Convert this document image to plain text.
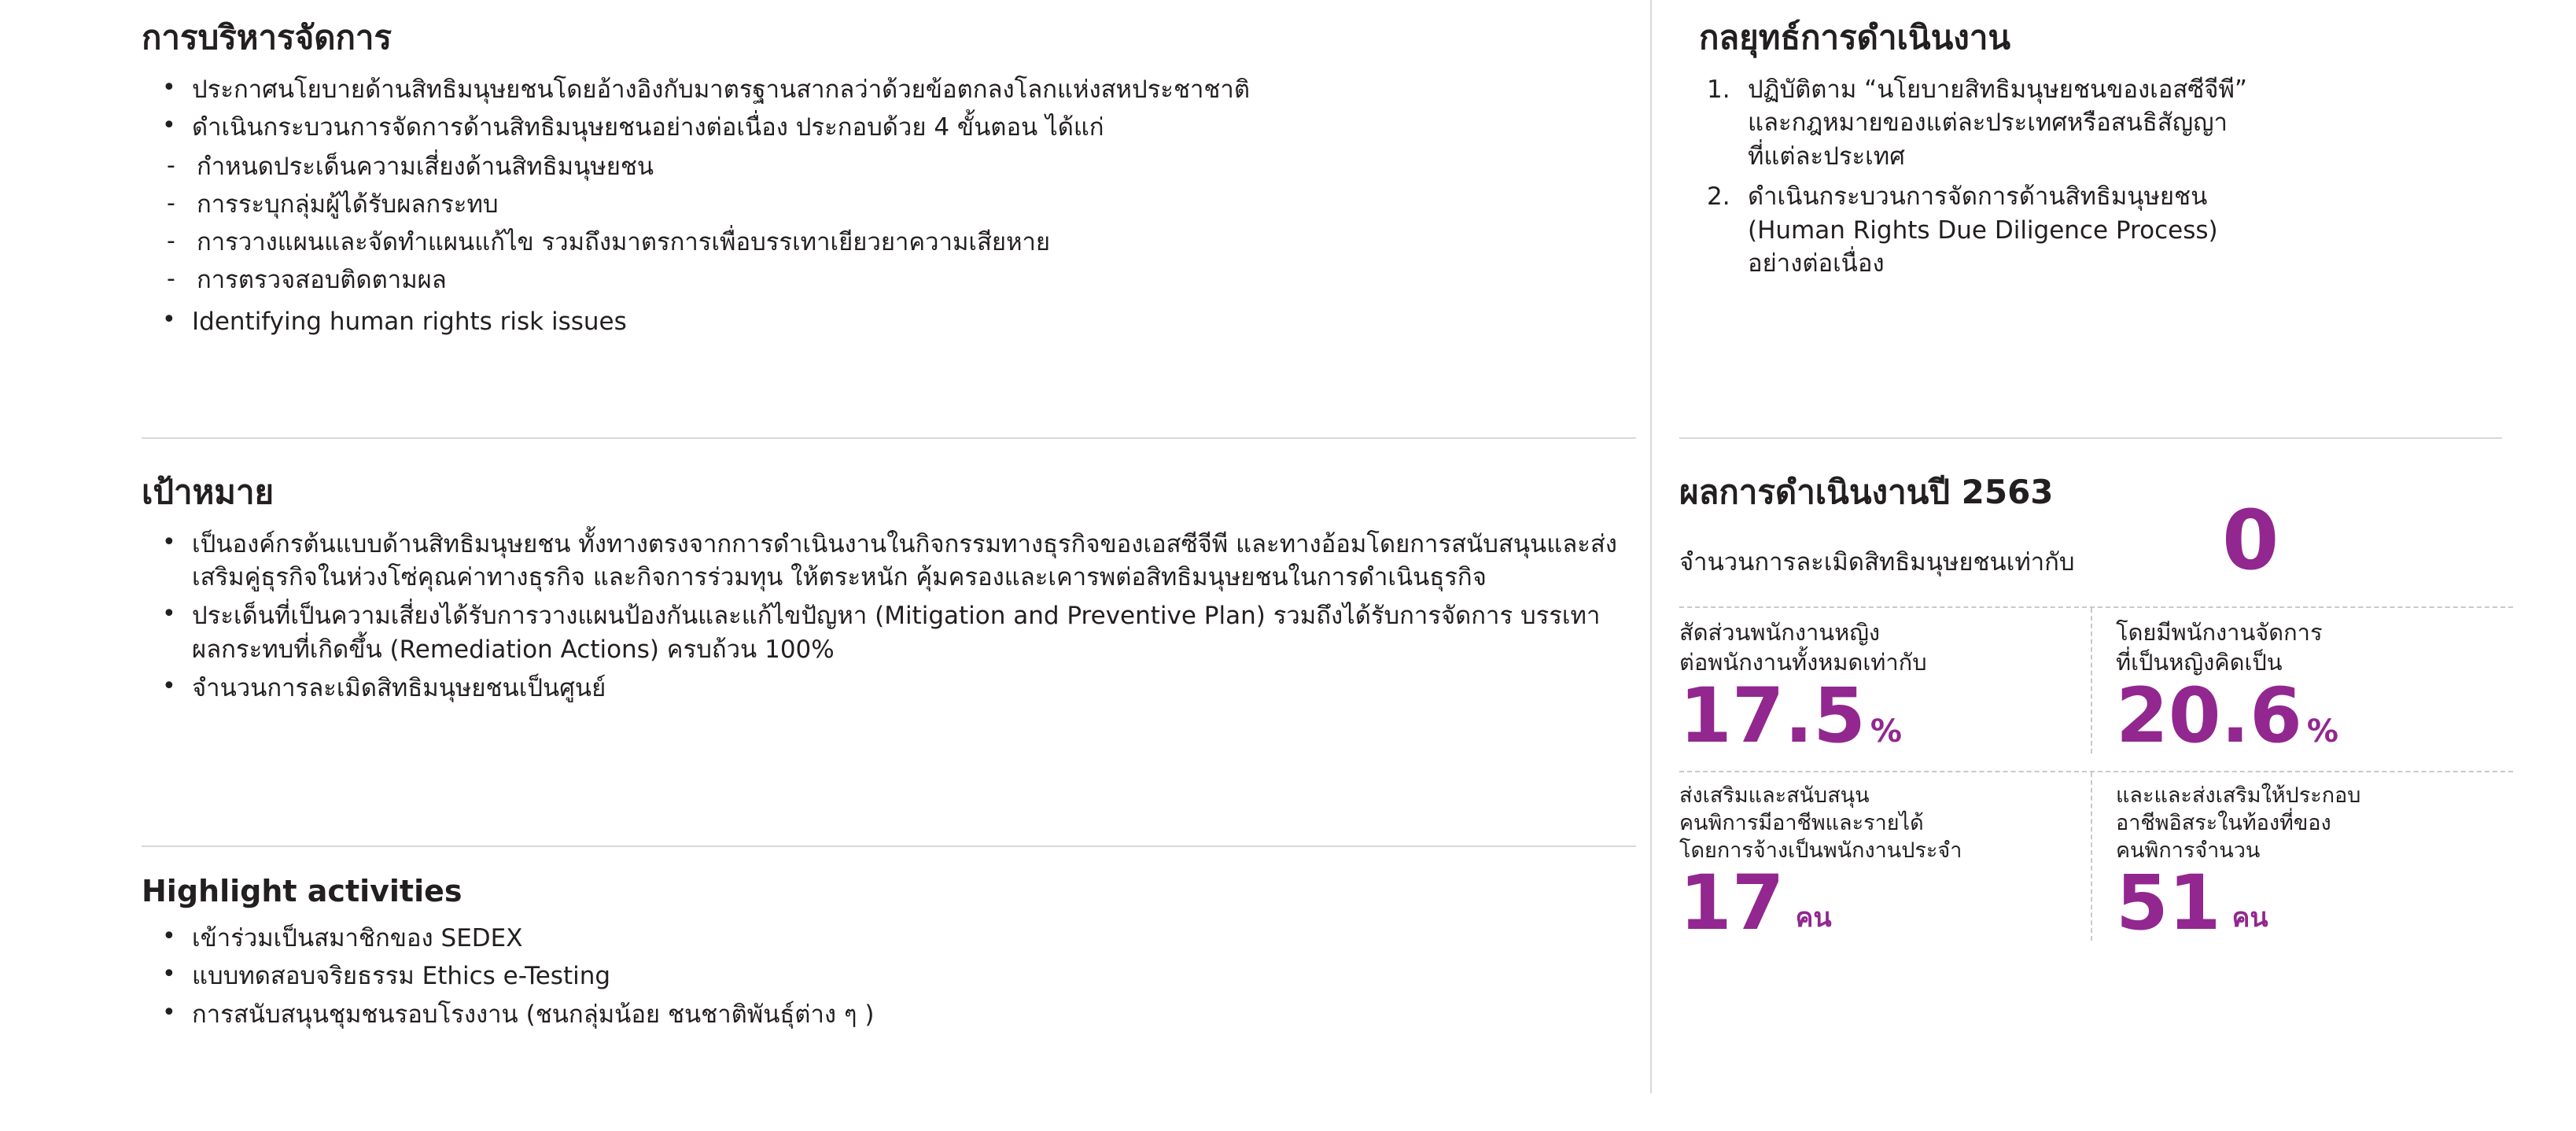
การบริหารจัดการ
• ประกาศนโยบายด้านสิทธิมนุษยชนโดยอ้างอิงกับมาตรฐานสากลว่าด้วยข้อตกลงโลกแห่งสหประชาชาติ
• ดำเนินกระบวนการจัดการด้านสิทธิมนุษยชนอย่างต่อเนื่อง ประกอบด้วย 4 ขั้นตอน ได้แก่
- กำหนดประเด็นความเสี่ยงด้านสิทธิมนุษยชน
- การระบุกลุ่มผู้ได้รับผลกระทบ
- การวางแผนและจัดทำแผนแก้ไข รวมถึงมาตรการเพื่อบรรเทาเยียวยาความเสียหาย
- การตรวจสอบติดตามผล
• Identifying human rights risk issues
เป้าหมาย
• เป็นองค์กรต้นแบบด้านสิทธิมนุษยชน ทั้งทางตรงจากการดำเนินงานในกิจกรรมทางธุรกิจของเอสซีจีพี และทางอ้อมโดยการสนับสนุนและส่งเสริมคู่ธุรกิจในห่วงโซ่คุณค่าทางธุรกิจ และกิจการร่วมทุน ให้ตระหนัก คุ้มครองและเคารพต่อสิทธิมนุษยชนในการดำเนินธุรกิจ
• ประเด็นที่เป็นความเสี่ยงได้รับการวางแผนป้องกันและแก้ไขปัญหา (Mitigation and Preventive Plan) รวมถึงได้รับการจัดการ บรรเทาผลกระทบที่เกิดขึ้น (Remediation Actions) ครบถ้วน 100%
• จำนวนการละเมิดสิทธิมนุษยชนเป็นศูนย์
Highlight activities
• เข้าร่วมเป็นสมาชิกของ SEDEX
• แบบทดสอบจริยธรรม Ethics e-Testing
• การสนับสนุนชุมชนรอบโรงงาน (ชนกลุ่มน้อย ชนชาติพันธุ์ต่าง ๆ )
กลยุทธ์การดำเนินงาน
ปฏิบัติตาม “นโยบายสิทธิมนุษยชนของเอสซีจีพี”
และกฎหมายของแต่ละประเทศหรือสนธิสัญญา
ที่แต่ละประเทศ
ดำเนินกระบวนการจัดการด้านสิทธิมนุษยชน
(Human Rights Due Diligence Process)
อย่างต่อเนื่อง
ผลการดำเนินงานปี 2563
จำนวนการละเมิดสิทธิมนุษยชนเท่ากับ 0
สัดส่วนพนักงานหญิง
ต่อพนักงานทั้งหมดเท่ากับ
17.5 %
โดยมีพนักงานจัดการ
ที่เป็นหญิงคิดเป็น
20.6 %
ส่งเสริมและสนับสนุน
คนพิการมีอาชีพและรายได้
โดยการจ้างเป็นพนักงานประจำ
17 คน
และและส่งเสริมให้ประกอบ
อาชีพอิสระในท้องที่ของ
คนพิการจำนวน
51 คน
